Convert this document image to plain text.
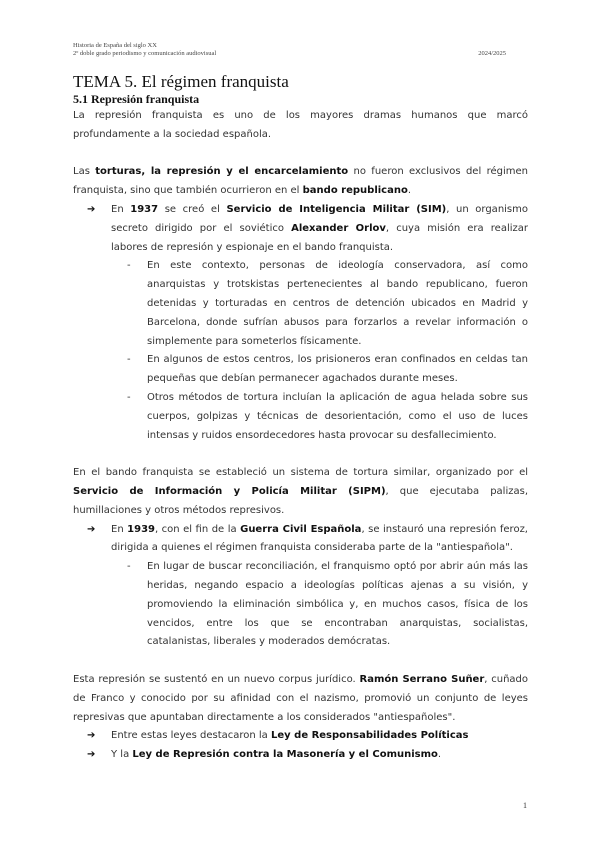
Historia de España del siglo XX
2º doble grado periodismo y comunicación audiovisual	2024/2025
TEMA 5. El régimen franquista
5.1 Represión franquista

La represión franquista es uno de los mayores dramas humanos que marcó profundamente a la sociedad española.

Las torturas, la represión y el encarcelamiento no fueron exclusivos del régimen franquista, sino que también ocurrieron en el bando republicano.

➔ En 1937 se creó el Servicio de Inteligencia Militar (SIM), un organismo secreto dirigido por el soviético Alexander Orlov, cuya misión era realizar labores de represión y espionaje en el bando franquista.
- En este contexto, personas de ideología conservadora, así como anarquistas y trotskistas pertenecientes al bando republicano, fueron detenidas y torturadas en centros de detención ubicados en Madrid y Barcelona, donde sufrían abusos para forzarlos a revelar información o simplemente para someterlos físicamente.
- En algunos de estos centros, los prisioneros eran confinados en celdas tan pequeñas que debían permanecer agachados durante meses.
- Otros métodos de tortura incluían la aplicación de agua helada sobre sus cuerpos, golpizas y técnicas de desorientación, como el uso de luces intensas y ruidos ensordecedores hasta provocar su desfallecimiento.

En el bando franquista se estableció un sistema de tortura similar, organizado por el Servicio de Información y Policía Militar (SIPM), que ejecutaba palizas, humillaciones y otros métodos represivos.

➔ En 1939, con el fin de la Guerra Civil Española, se instauró una represión feroz, dirigida a quienes el régimen franquista consideraba parte de la "antiespañola".
- En lugar de buscar reconciliación, el franquismo optó por abrir aún más las heridas, negando espacio a ideologías políticas ajenas a su visión, y promoviendo la eliminación simbólica y, en muchos casos, física de los vencidos, entre los que se encontraban anarquistas, socialistas, catalanistas, liberales y moderados demócratas.

Esta represión se sustentó en un nuevo corpus jurídico. Ramón Serrano Suñer, cuñado de Franco y conocido por su afinidad con el nazismo, promovió un conjunto de leyes represivas que apuntaban directamente a los considerados "antiespañoles".

➔ Entre estas leyes destacaron la Ley de Responsabilidades Políticas
➔ Y la Ley de Represión contra la Masonería y el Comunismo.
1
